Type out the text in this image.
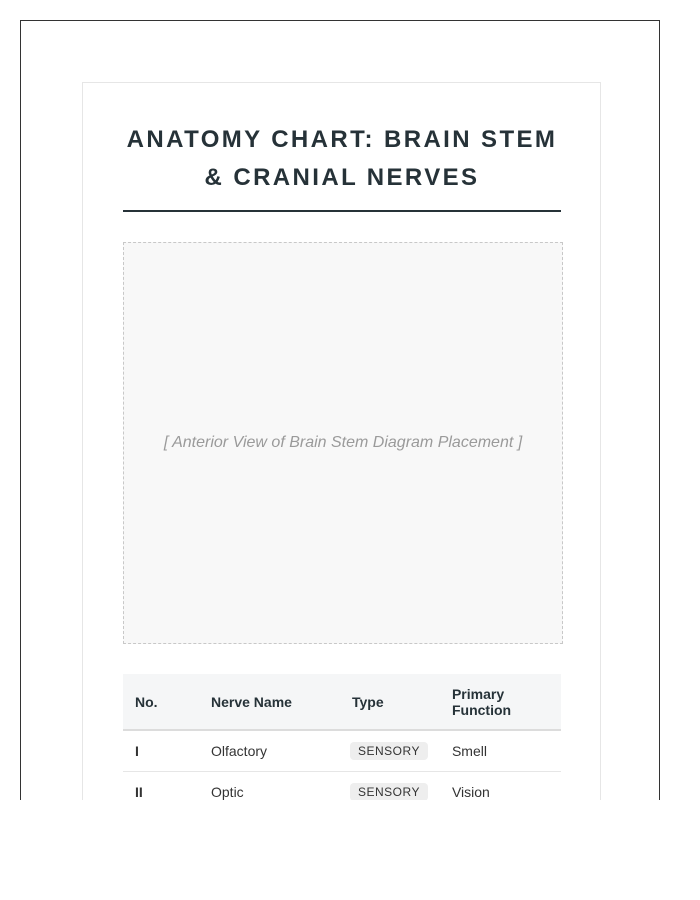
ANATOMY CHART: BRAIN STEM & CRANIAL NERVES
[ Anterior View of Brain Stem Diagram Placement ]
No.	Nerve Name	Type	Primary Function
I	Olfactory	SENSORY	Smell
II	Optic	SENSORY	Vision
